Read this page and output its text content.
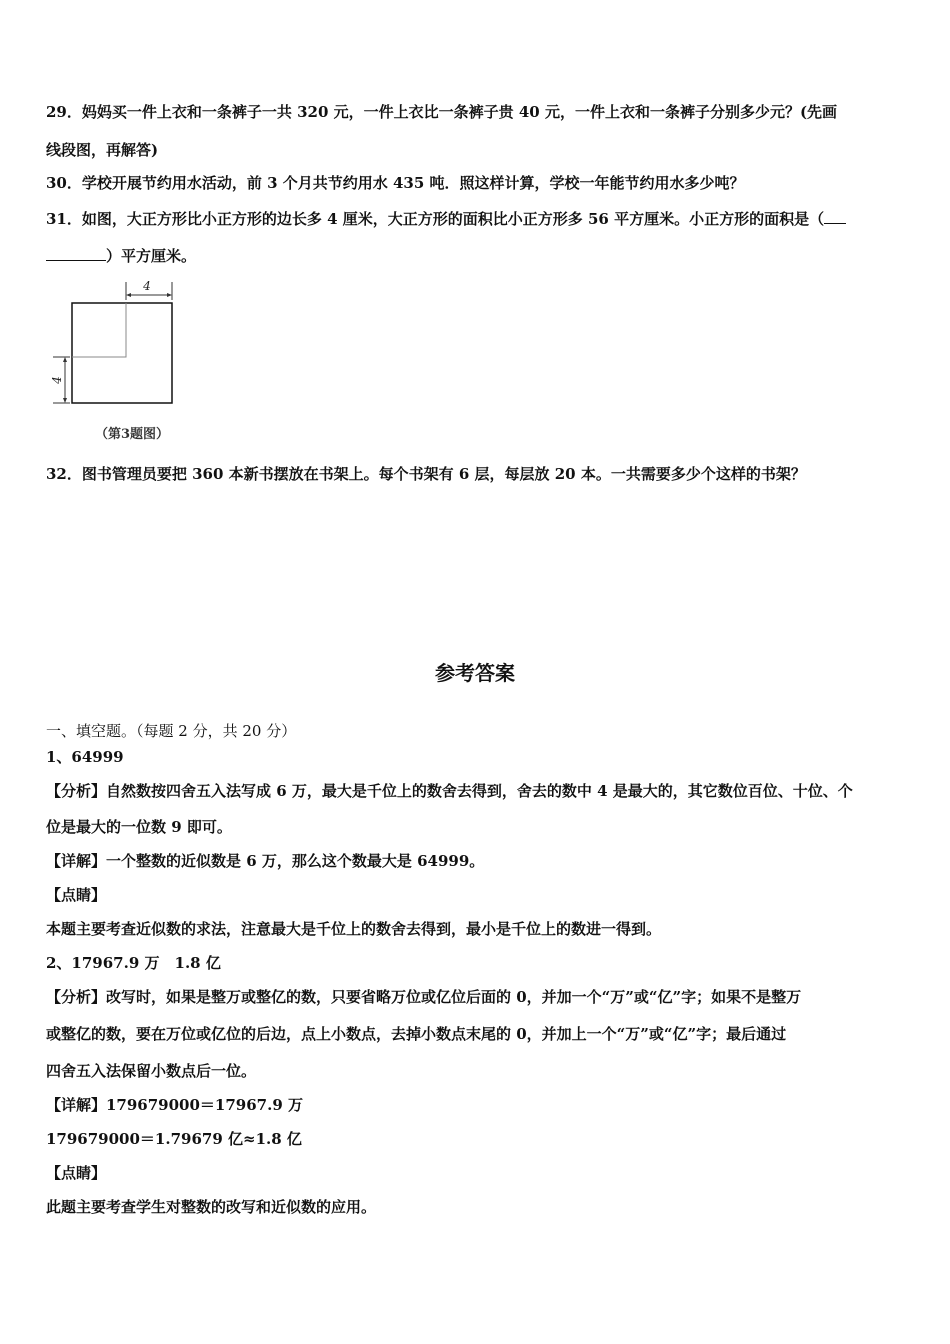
29．妈妈买一件上衣和一条裤子一共 320 元，一件上衣比一条裤子贵 40 元，一件上衣和一条裤子分别多少元？(先画
线段图，再解答)
30．学校开展节约用水活动，前 3 个月共节约用水 435 吨．照这样计算，学校一年能节约用水多少吨？
31．如图，大正方形比小正方形的边长多 4 厘米，大正方形的面积比小正方形多 56 平方厘米。小正方形的面积是（
）平方厘米。
4
4
（第3题图）
32．图书管理员要把 360 本新书摆放在书架上。每个书架有 6 层，每层放 20 本。一共需要多少个这样的书架？
参考答案
一、填空题。（每题 2 分，共 20 分）
1、64999
【分析】自然数按四舍五入法写成 6 万，最大是千位上的数舍去得到，舍去的数中 4 是最大的，其它数位百位、十位、个
位是最大的一位数 9 即可。
【详解】一个整数的近似数是 6 万，那么这个数最大是 64999。
【点睛】
本题主要考查近似数的求法，注意最大是千位上的数舍去得到，最小是千位上的数进一得到。
2、17967.9 万　1.8 亿
【分析】改写时，如果是整万或整亿的数，只要省略万位或亿位后面的 0，并加一个“万”或“亿”字；如果不是整万
或整亿的数，要在万位或亿位的后边，点上小数点，去掉小数点末尾的 0，并加上一个“万”或“亿”字；最后通过
四舍五入法保留小数点后一位。
【详解】179679000＝17967.9 万
179679000＝1.79679 亿≈1.8 亿
【点睛】
此题主要考查学生对整数的改写和近似数的应用。
